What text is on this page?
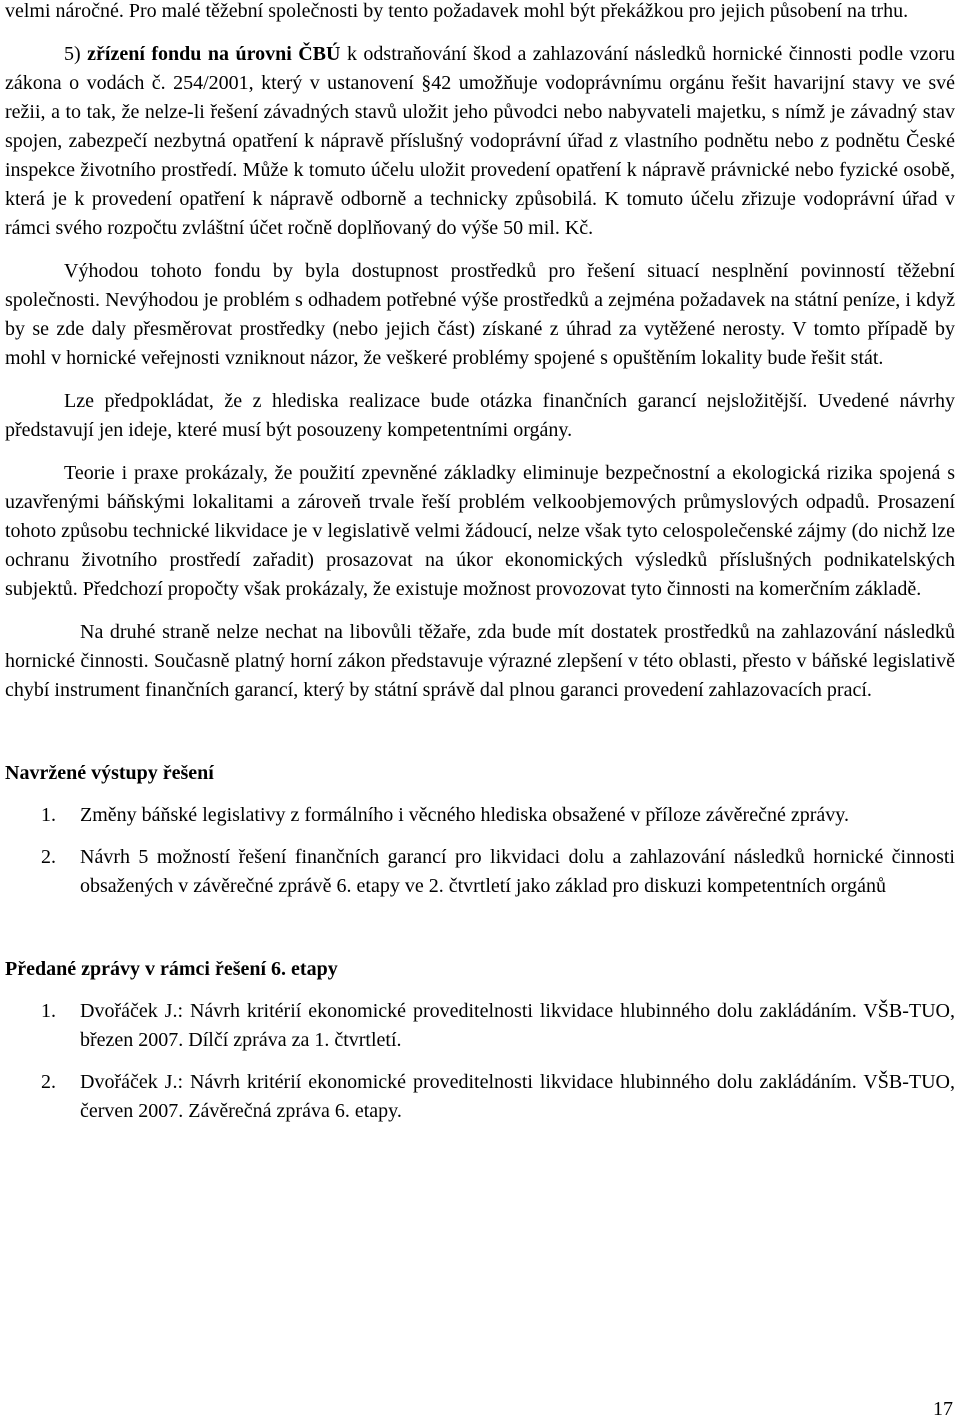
velmi náročné. Pro malé těžební společnosti by tento požadavek mohl být překážkou pro jejich působení na trhu.

5) zřízení fondu na úrovni ČBÚ k odstraňování škod a zahlazování následků hornické činnosti podle vzoru zákona o vodách č. 254/2001, který v ustanovení §42 umožňuje vodoprávnímu orgánu řešit havarijní stavy ve své režii, a to tak, že nelze-li řešení závadných stavů uložit jeho původci nebo nabyvateli majetku, s nímž je závadný stav spojen, zabezpečí nezbytná opatření k nápravě příslušný vodoprávní úřad z vlastního podnětu nebo z podnětu České inspekce životního prostředí. Může k tomuto účelu uložit provedení opatření k nápravě právnické nebo fyzické osobě, která je k provedení opatření k nápravě odborně a technicky způsobilá. K tomuto účelu zřizuje vodoprávní úřad v rámci svého rozpočtu zvláštní účet ročně doplňovaný do výše 50 mil. Kč.

Výhodou tohoto fondu by byla dostupnost prostředků pro řešení situací nesplnění povinností těžební společnosti. Nevýhodou je problém s odhadem potřebné výše prostředků a zejména požadavek na státní peníze, i když by se zde daly přesměrovat prostředky (nebo jejich část) získané z úhrad za vytěžené nerosty. V tomto případě by mohl v hornické veřejnosti vzniknout názor, že veškeré problémy spojené s opuštěním lokality bude řešit stát.

Lze předpokládat, že z hlediska realizace bude otázka finančních garancí nejsložitější. Uvedené návrhy představují jen ideje, které musí být posouzeny kompetentními orgány.

Teorie i praxe prokázaly, že použití zpevněné základky eliminuje bezpečnostní a ekologická rizika spojená s uzavřenými báňskými lokalitami a zároveň trvale řeší problém velkoobjemových průmyslových odpadů. Prosazení tohoto způsobu technické likvidace je v legislativě velmi žádoucí, nelze však tyto celospolečenské zájmy (do nichž lze ochranu životního prostředí zařadit) prosazovat na úkor ekonomických výsledků příslušných podnikatelských subjektů. Předchozí propočty však prokázaly, že existuje možnost provozovat tyto činnosti na komerčním základě.

Na druhé straně nelze nechat na libovůli těžaře, zda bude mít dostatek prostředků na zahlazování následků hornické činnosti. Současně platný horní zákon představuje výrazné zlepšení v této oblasti, přesto v báňské legislativě chybí instrument finančních garancí, který by státní správě dal plnou garanci provedení zahlazovacích prací.

Navržené výstupy řešení

1. Změny báňské legislativy z formálního i věcného hlediska obsažené v příloze závěrečné zprávy.
2. Návrh 5 možností řešení finančních garancí pro likvidaci dolu a zahlazování následků hornické činnosti obsažených v závěrečné zprávě 6. etapy ve 2. čtvrtletí jako základ pro diskuzi kompetentních orgánů

Předané zprávy v rámci řešení 6. etapy

1. Dvořáček J.: Návrh kritérií ekonomické proveditelnosti likvidace hlubinného dolu zakládáním. VŠB-TUO, březen 2007. Dílčí zpráva za 1. čtvrtletí.
2. Dvořáček J.: Návrh kritérií ekonomické proveditelnosti likvidace hlubinného dolu zakládáním. VŠB-TUO, červen 2007. Závěrečná zpráva 6. etapy.
17
